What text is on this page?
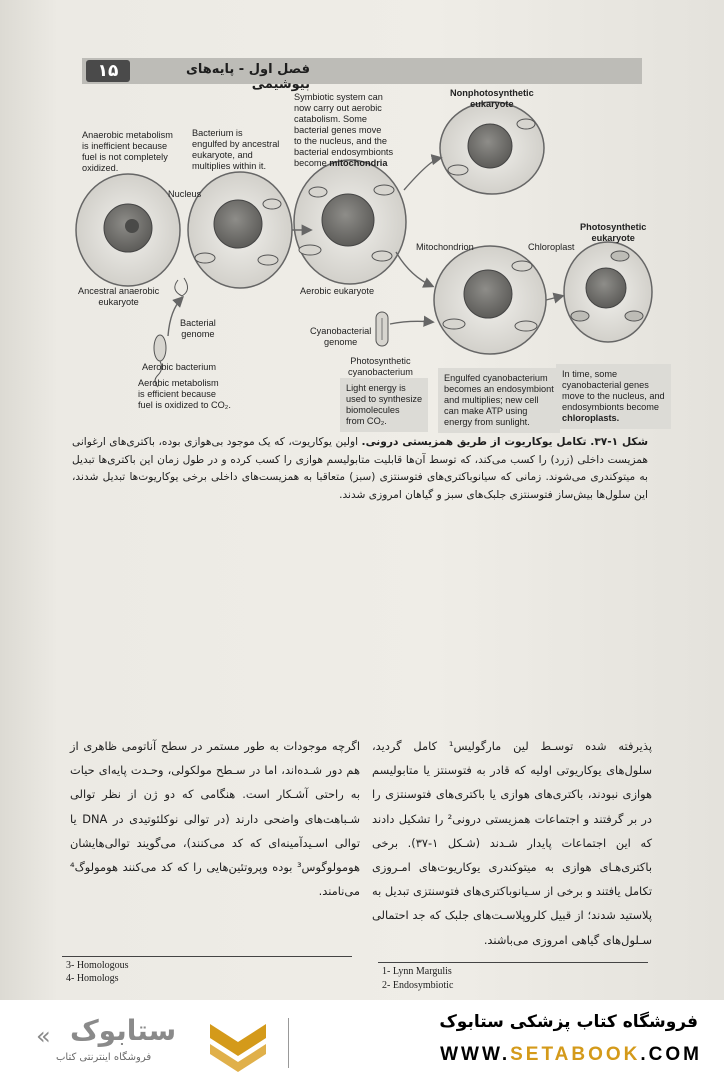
۱۵	فصل اول - پایه‌های بیوشیمی
Anaerobic metabolism
is inefficient because
fuel is not completely
oxidized.
Nucleus
Bacterium is
engulfed by ancestral
eukaryote, and
multiplies within it.
Symbiotic system can
now carry out aerobic
catabolism. Some
bacterial genes move
to the nucleus, and the
bacterial endosymbionts
become mitochondria
Nonphotosynthetic
eukaryote
Ancestral anaerobic
eukaryote
Aerobic eukaryote
Mitochondrion	Chloroplast
Photosynthetic
eukaryote
Bacterial
genome
Aerobic bacterium
Aerobic metabolism
is efficient because
fuel is oxidized to CO₂.
Cyanobacterial
genome
Photosynthetic
cyanobacterium
Light energy is
used to synthesize
biomolecules
from CO₂.
Engulfed cyanobacterium
becomes an endosymbiont
and multiplies; new cell
can make ATP using
energy from sunlight.
In time, some
cyanobacterial genes
move to the nucleus, and
endosymbionts become
chloroplasts.
شکل ۱-۳۷. تکامل یوکاریوت از طریق همزیستی درونی. اولین یوکاریوت، که یک موجود بی‌هوازی بوده، باکتری‌های ارغوانی همزیست داخلی (زرد) را کسب می‌کند، که توسط آن‌ها قابلیت متابولیسم هوازی را کسب کرده و در طول زمان این باکتری‌ها تبدیل به میتوکندری می‌شوند. زمانی که سیانوباکتری‌های فتوسنتزی (سبز) متعاقبا به همزیست‌های داخلی برخی یوکاریوت‌ها تبدیل شدند، این سلول‌ها بیش‌ساز فتوسنتزی جلبک‌های سبز و گیاهان امروزی شدند.
پذیرفته شده توسـط لین مارگولیس¹ کامل گردید، سلول‌های یوکاریوتی اولیه که قادر به فتوسنتز یا متابولیسم هوازی نبودند، باکتری‌های هوازی یا باکتری‌های فتوسنتزی را در بر گرفتند و اجتماعات همزیستی درونی² را تشکیل دادند که این اجتماعات پایدار شـدند (شـکل ۱-۳۷). برخی باکتری‌هـای هوازی به میتوکندری یوکاریوت‌های امـروزی تکامل یافتند و برخی از سـیانوباکتری‌های فتوسنتزی تبدیل به پلاستید شدند؛ از قبیل کلروپلاسـت‌های جلبک که جد احتمالی سـلول‌های گیاهی امروزی می‌باشند.
اگرچه موجودات به طور مستمر در سطح آناتومی ظاهری از هم دور شـده‌اند، اما در سـطح مولکولی، وحـدت پایه‌ای حیات به راحتی آشـکار است. هنگامی که دو ژن از نظر توالی شـباهت‌های واضحی دارند (در توالی نوکلئوتیدی در DNA یا توالی اسـیدآمینه‌ای که کد می‌کنند)، می‌گویند توالی‌هایشان هومولوگوس³ بوده وپروتئین‌هایی را که کد می‌کنند هومولوگ⁴ می‌نامند.
3- Homologous
4- Homologs
1- Lynn Margulis
2- Endosymbiotic
« ستابوک
فروشگاه اینترنتی کتاب
فروشگاه کتاب پزشکی ستابوک
WWW.SETABOOK.COM
